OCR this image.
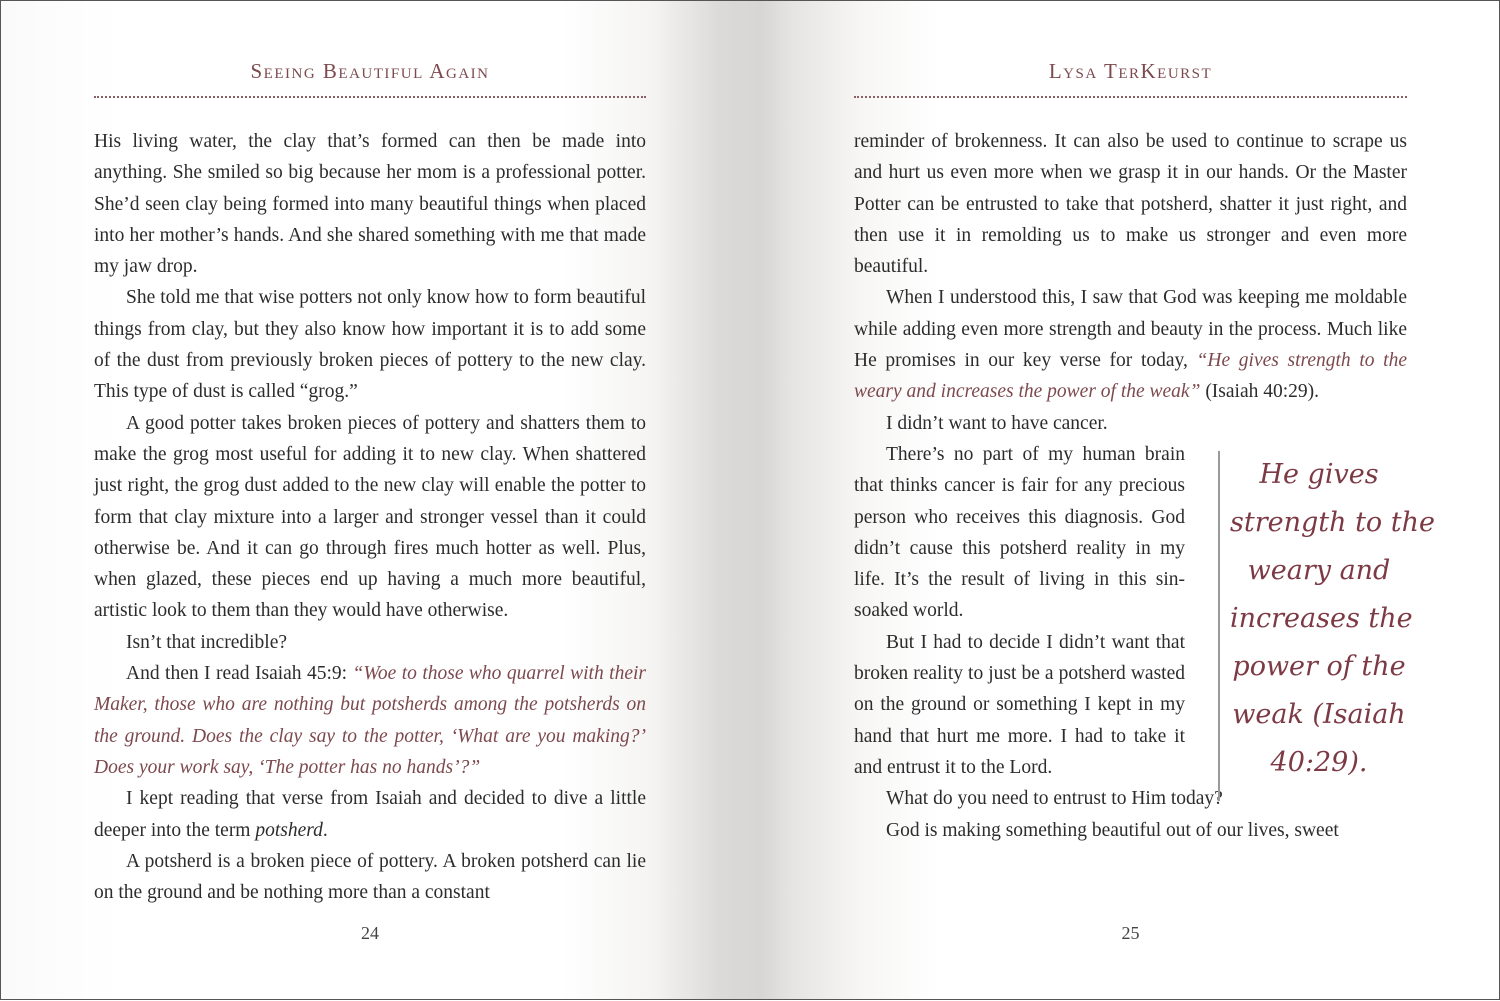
Seeing Beautiful Again

His living water, the clay that’s formed can then be made into anything. She smiled so big because her mom is a professional potter. She’d seen clay being formed into many beautiful things when placed into her mother’s hands. And she shared something with me that made my jaw drop.

She told me that wise potters not only know how to form beautiful things from clay, but they also know how important it is to add some of the dust from previously broken pieces of pottery to the new clay. This type of dust is called “grog.”

A good potter takes broken pieces of pottery and shatters them to make the grog most useful for adding it to new clay. When shattered just right, the grog dust added to the new clay will enable the potter to form that clay mixture into a larger and stronger vessel than it could otherwise be. And it can go through fires much hotter as well. Plus, when glazed, these pieces end up having a much more beautiful, artistic look to them than they would have otherwise.

Isn’t that incredible?

And then I read Isaiah 45:9: “Woe to those who quarrel with their Maker, those who are nothing but potsherds among the potsherds on the ground. Does the clay say to the potter, ‘What are you making?’ Does your work say, ‘The potter has no hands’?”

I kept reading that verse from Isaiah and decided to dive a little deeper into the term potsherd.

A potsherd is a broken piece of pottery. A broken potsherd can lie on the ground and be nothing more than a constant

24
Lysa TerKeurst

reminder of brokenness. It can also be used to continue to scrape us and hurt us even more when we grasp it in our hands. Or the Master Potter can be entrusted to take that potsherd, shatter it just right, and then use it in remolding us to make us stronger and even more beautiful.

When I understood this, I saw that God was keeping me moldable while adding even more strength and beauty in the process. Much like He promises in our key verse for today, “He gives strength to the weary and increases the power of the weak” (Isaiah 40:29).

I didn’t want to have cancer.

There’s no part of my human brain that thinks cancer is fair for any precious person who receives this diagnosis. God didn’t cause this potsherd reality in my life. It’s the result of living in this sin-soaked world.

But I had to decide I didn’t want that broken reality to just be a potsherd wasted on the ground or something I kept in my hand that hurt me more. I had to take it and entrust it to the Lord.

What do you need to entrust to Him today?

God is making something beautiful out of our lives, sweet

He gives
strength to the
weary and
increases the
power of the
weak (Isaiah
40:29).
25
